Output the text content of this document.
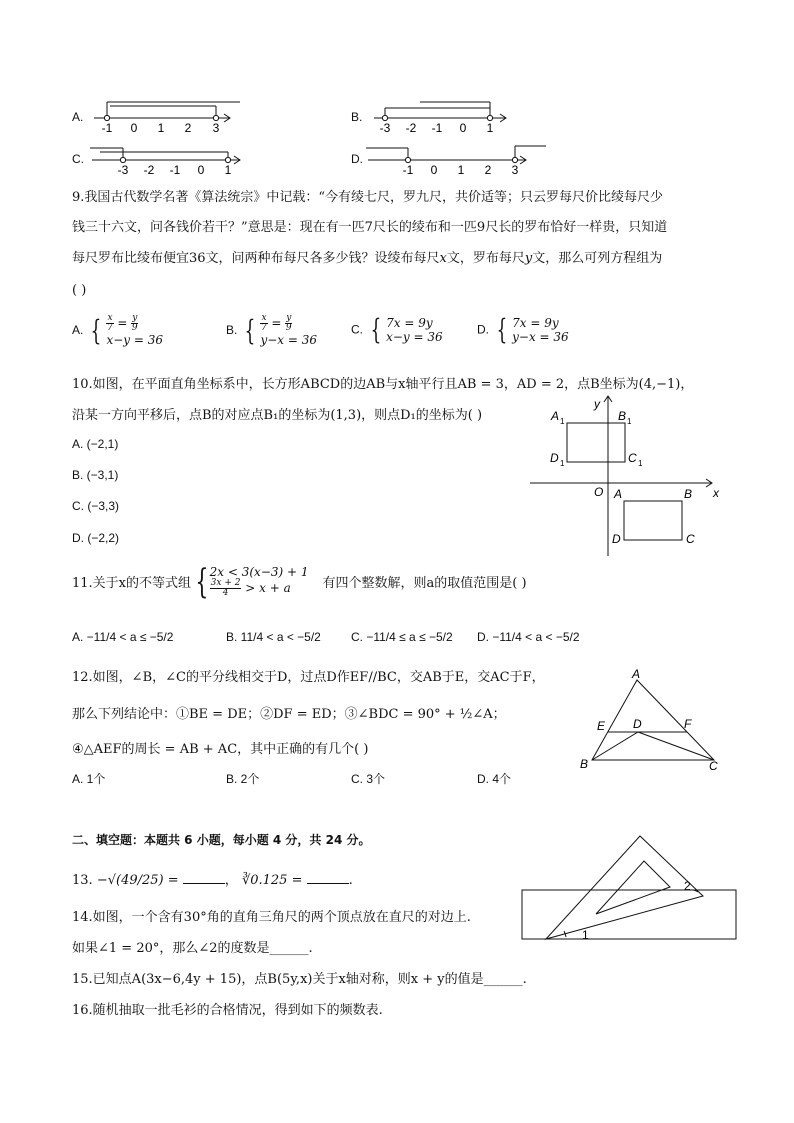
A.
-1 0 1 2 3
B.
-3 -2 -1 0 1
C.
-3 -2 -1 0 1
D.
-1 0 1 2 3
9.我国古代数学名著《算法统宗》中记载：“今有绫七尺，罗九尺，共价适等；只云罗每尺价比绫每尺少
钱三十六文，问各钱价若干？”意思是：现在有一匹7尺长的绫布和一匹9尺长的罗布恰好一样贵，只知道
每尺罗布比绫布便宜36文，问两种布每尺各多少钱？设绫布每尺x文，罗布每尺y文，那么可列方程组为
( )
A. { $\frac{x}{7} = \frac{y}{9}$
x−y = 36
B. { $\frac{x}{7} = \frac{y}{9}$
y−x = 36
C. { 7x = 9y
x−y = 36
D. { 7x = 9y
y−x = 36
10.如图，在平面直角坐标系中，长方形ABCD的边AB与x轴平行且AB = 3，AD = 2，点B坐标为(4,−1)，
沿某一方向平移后，点B的对应点B₁的坐标为(1,3)，则点D₁的坐标为( )
A. (−2,1)
B. (−3,1)
C. (−3,3)
D. (−2,2)
x
y
O
A 1	B 1
D 1	C 1
A	B
D	C
11.关于x的不等式组 { 2x < 3(x−3) + 1
$\frac{3x + 2}{4} > x + a$	有四个整数解，则a的取值范围是( )
A. −11/4 < a ≤ −5/2	B. 11/4 < a < −5/2	C. −11/4 ≤ a ≤ −5/2 D. −11/4 < a < −5/2
12.如图，∠B，∠C的平分线相交于D，过点D作EF//BC，交AB于E，交AC于F，
那么下列结论中：①BE = DE；②DF = ED；③∠BDC = 90° + ½∠A；
④△AEF的周长 = AB + AC，其中正确的有几个( )
A. 1个	B. 2个	C. 3个	D. 4个
A
B	C
D
E	F
二、填空题：本题共 6 小题，每小题 4 分，共 24 分。
13. −√(49/25) =	， ∛0.125 =	.
14.如图，一个含有30°角的直角三角尺的两个顶点放在直尺的对边上.
如果∠1 = 20°，那么∠2的度数是______.
1
2
15.已知点A(3x−6,4y + 15)，点B(5y,x)关于x轴对称，则x + y的值是______.
16.随机抽取一批毛衫的合格情况，得到如下的频数表.
